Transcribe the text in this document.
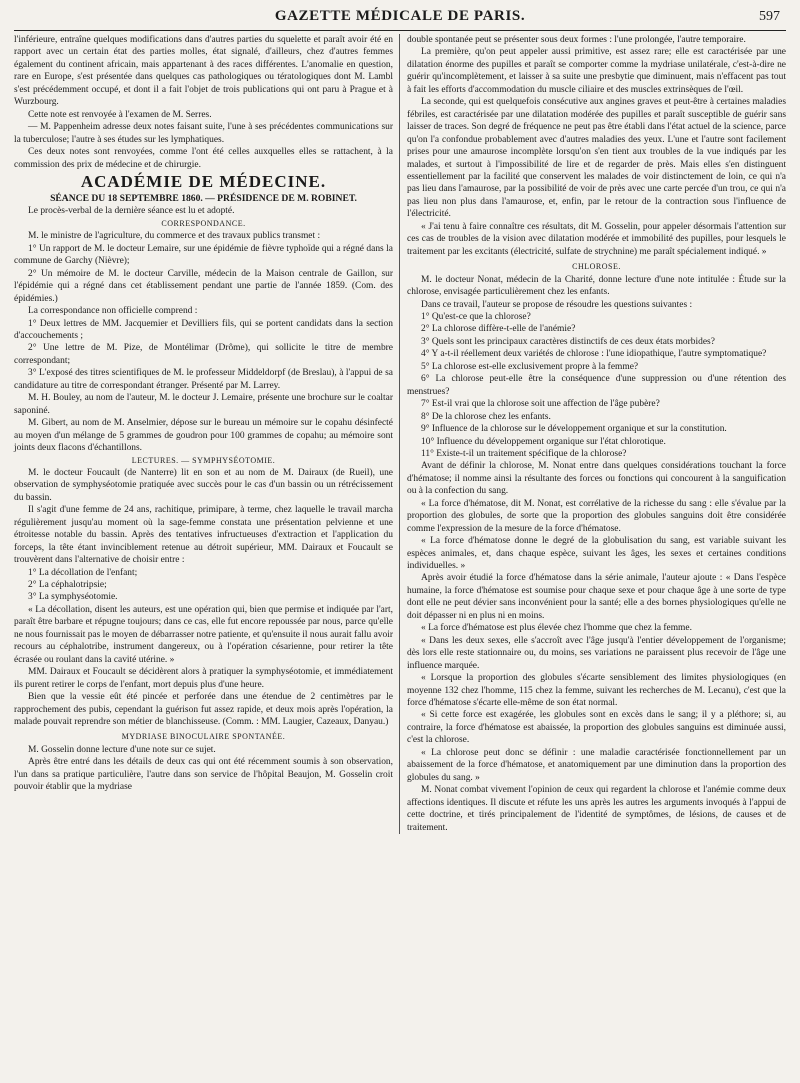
GAZETTE MÉDICALE DE PARIS.	597

l'inférieure, entraîne quelques modifications dans d'autres parties du squelette et paraît avoir été en rapport avec un certain état des parties molles, état signalé, d'ailleurs, chez d'autres femmes également du continent africain, mais appartenant à des races différentes. L'anomalie en question, rare en Europe, s'est présentée dans quelques cas pathologiques ou tératologiques dont M. Lambl s'est précédemment occupé, et dont il a fait l'objet de trois publications qui ont paru à Prague et à Wurzbourg.

Cette note est renvoyée à l'examen de M. Serres.

— M. Pappenheim adresse deux notes faisant suite, l'une à ses précédentes communications sur la tuberculose; l'autre à ses études sur les lymphatiques.

Ces deux notes sont renvoyées, comme l'ont été celles auxquelles elles se rattachent, à la commission des prix de médecine et de chirurgie.

ACADÉMIE DE MÉDECINE.

SÉANCE DU 18 SEPTEMBRE 1860. — PRÉSIDENCE DE M. ROBINET.

Le procès-verbal de la dernière séance est lu et adopté.

CORRESPONDANCE.

M. le ministre de l'agriculture, du commerce et des travaux publics transmet :

1° Un rapport de M. le docteur Lemaire, sur une épidémie de fièvre typhoïde qui a régné dans la commune de Garchy (Nièvre);

2° Un mémoire de M. le docteur Carville, médecin de la Maison centrale de Gaillon, sur l'épidémie qui a régné dans cet établissement pendant une partie de l'année 1859. (Com. des épidémies.)

La correspondance non officielle comprend :

1° Deux lettres de MM. Jacquemier et Devilliers fils, qui se portent candidats dans la section d'accouchements ;

2° Une lettre de M. Pize, de Montélimar (Drôme), qui sollicite le titre de membre correspondant;

3° L'exposé des titres scientifiques de M. le professeur Middeldorpf (de Breslau), à l'appui de sa candidature au titre de correspondant étranger. Présenté par M. Larrey.

M. H. Bouley, au nom de l'auteur, M. le docteur J. Lemaire, présente une brochure sur le coaltar saponiné.

M. Gibert, au nom de M. Anselmier, dépose sur le bureau un mémoire sur le copahu désinfecté au moyen d'un mélange de 5 grammes de goudron pour 100 grammes de copahu; au mémoire sont joints deux flacons d'échantillons.

LECTURES. — SYMPHYSÉOTOMIE.

M. le docteur Foucault (de Nanterre) lit en son et au nom de M. Dairaux (de Rueil), une observation de symphyséotomie pratiquée avec succès pour le cas d'un bassin ou un rétrécissement du bassin.

Il s'agit d'une femme de 24 ans, rachitique, primipare, à terme, chez laquelle le travail marcha régulièrement jusqu'au moment où la sage-femme constata une présentation pelvienne et une étroitesse notable du bassin. Après des tentatives infructueuses d'extraction et l'application du forceps, la tête étant invinciblement retenue au détroit supérieur, MM. Dairaux et Foucault se trouvèrent dans l'alternative de choisir entre :

1° La décollation de l'enfant;

2° La céphalotripsie;

3° La symphyséotomie.

« La décollation, disent les auteurs, est une opération qui, bien que permise et indiquée par l'art, paraît être barbare et répugne toujours; dans ce cas, elle fut encore repoussée par nous, parce qu'elle ne nous fournissait pas le moyen de débarrasser notre patiente, et qu'ensuite il nous aurait fallu avoir recours au céphalotribe, instrument dangereux, ou à l'opération césarienne, pour retirer la tête écrasée ou roulant dans la cavité utérine. »

MM. Dairaux et Foucault se décidèrent alors à pratiquer la symphyséotomie, et immédiatement ils purent retirer le corps de l'enfant, mort depuis plus d'une heure.

Bien que la vessie eût été pincée et perforée dans une étendue de 2 centimètres par le rapprochement des pubis, cependant la guérison fut assez rapide, et deux mois après l'opération, la malade pouvait reprendre son métier de blanchisseuse. (Comm. : MM. Laugier, Cazeaux, Danyau.)

MYDRIASE BINOCULAIRE SPONTANÉE.

M. Gosselin donne lecture d'une note sur ce sujet.

Après être entré dans les détails de deux cas qui ont été récemment soumis à son observation, l'un dans sa pratique particulière, l'autre dans son service de l'hôpital Beaujon, M. Gosselin croit pouvoir établir que la mydriase

double spontanée peut se présenter sous deux formes : l'une prolongée, l'autre temporaire.

La première, qu'on peut appeler aussi primitive, est assez rare; elle est caractérisée par une dilatation énorme des pupilles et paraît se comporter comme la mydriase unilatérale, c'est-à-dire ne guérir qu'incomplètement, et laisser à sa suite une presbytie que diminuent, mais n'effacent pas tout à fait les efforts d'accommodation du muscle ciliaire et des muscles extrinsèques de l'œil.

La seconde, qui est quelquefois consécutive aux angines graves et peut-être à certaines maladies fébriles, est caractérisée par une dilatation modérée des pupilles et paraît susceptible de guérir sans laisser de traces. Son degré de fréquence ne peut pas être établi dans l'état actuel de la science, parce qu'on l'a confondue probablement avec d'autres maladies des yeux. L'une et l'autre sont facilement prises pour une amaurose incomplète lorsqu'on s'en tient aux troubles de la vue indiqués par les malades, et surtout à l'impossibilité de lire et de regarder de près. Mais elles s'en distinguent essentiellement par la facilité que conservent les malades de voir distinctement de loin, ce qui n'a pas lieu dans l'amaurose, par la possibilité de voir de près avec une carte percée d'un trou, ce qui n'a pas lieu non plus dans l'amaurose, et, enfin, par le retour de la contraction sous l'influence de l'électricité.

« J'ai tenu à faire connaître ces résultats, dit M. Gosselin, pour appeler désormais l'attention sur ces cas de troubles de la vision avec dilatation modérée et immobilité des pupilles, pour lesquels le traitement par les excitants (électricité, sulfate de strychnine) me paraît spécialement indiqué. »

CHLOROSE.

M. le docteur Nonat, médecin de la Charité, donne lecture d'une note intitulée : Étude sur la chlorose, envisagée particulièrement chez les enfants.

Dans ce travail, l'auteur se propose de résoudre les questions suivantes :

1° Qu'est-ce que la chlorose?

2° La chlorose diffère-t-elle de l'anémie?

3° Quels sont les principaux caractères distinctifs de ces deux états morbides?

4° Y a-t-il réellement deux variétés de chlorose : l'une idiopathique, l'autre symptomatique?

5° La chlorose est-elle exclusivement propre à la femme?

6° La chlorose peut-elle être la conséquence d'une suppression ou d'une rétention des menstrues?

7° Est-il vrai que la chlorose soit une affection de l'âge pubère?

8° De la chlorose chez les enfants.

9° Influence de la chlorose sur le développement organique et sur la constitution.

10° Influence du développement organique sur l'état chlorotique.

11° Existe-t-il un traitement spécifique de la chlorose?

Avant de définir la chlorose, M. Nonat entre dans quelques considérations touchant la force d'hématose; il nomme ainsi la résultante des forces ou fonctions qui concourent à la sanguification ou à la confection du sang.

« La force d'hématose, dit M. Nonat, est corrélative de la richesse du sang : elle s'évalue par la proportion des globules, de sorte que la proportion des globules sanguins doit être considérée comme l'expression de la mesure de la force d'hématose.

« La force d'hématose donne le degré de la globulisation du sang, est variable suivant les espèces animales, et, dans chaque espèce, suivant les âges, les sexes et certaines conditions individuelles. »

Après avoir étudié la force d'hématose dans la série animale, l'auteur ajoute : « Dans l'espèce humaine, la force d'hématose est soumise pour chaque sexe et pour chaque âge à une sorte de type dont elle ne peut dévier sans inconvénient pour la santé; elle a des bornes physiologiques qu'elle ne doit dépasser ni en plus ni en moins.

« La force d'hématose est plus élevée chez l'homme que chez la femme.

« Dans les deux sexes, elle s'accroît avec l'âge jusqu'à l'entier développement de l'organisme; dès lors elle reste stationnaire ou, du moins, ses variations ne paraissent plus recevoir de l'âge une influence marquée.

« Lorsque la proportion des globules s'écarte sensiblement des limites physiologiques (en moyenne 132 chez l'homme, 115 chez la femme, suivant les recherches de M. Lecanu), c'est que la force d'hématose s'écarte elle-même de son état normal.

« Si cette force est exagérée, les globules sont en excès dans le sang; il y a pléthore; si, au contraire, la force d'hématose est abaissée, la proportion des globules sanguins est diminuée aussi, c'est la chlorose.

« La chlorose peut donc se définir : une maladie caractérisée fonctionnellement par un abaissement de la force d'hématose, et anatomiquement par une diminution dans la proportion des globules du sang. »

M. Nonat combat vivement l'opinion de ceux qui regardent la chlorose et l'anémie comme deux affections identiques. Il discute et réfute les uns après les autres les arguments invoqués à l'appui de cette doctrine, et tirés principalement de l'identité de symptômes, de lésions, de causes et de traitement.
